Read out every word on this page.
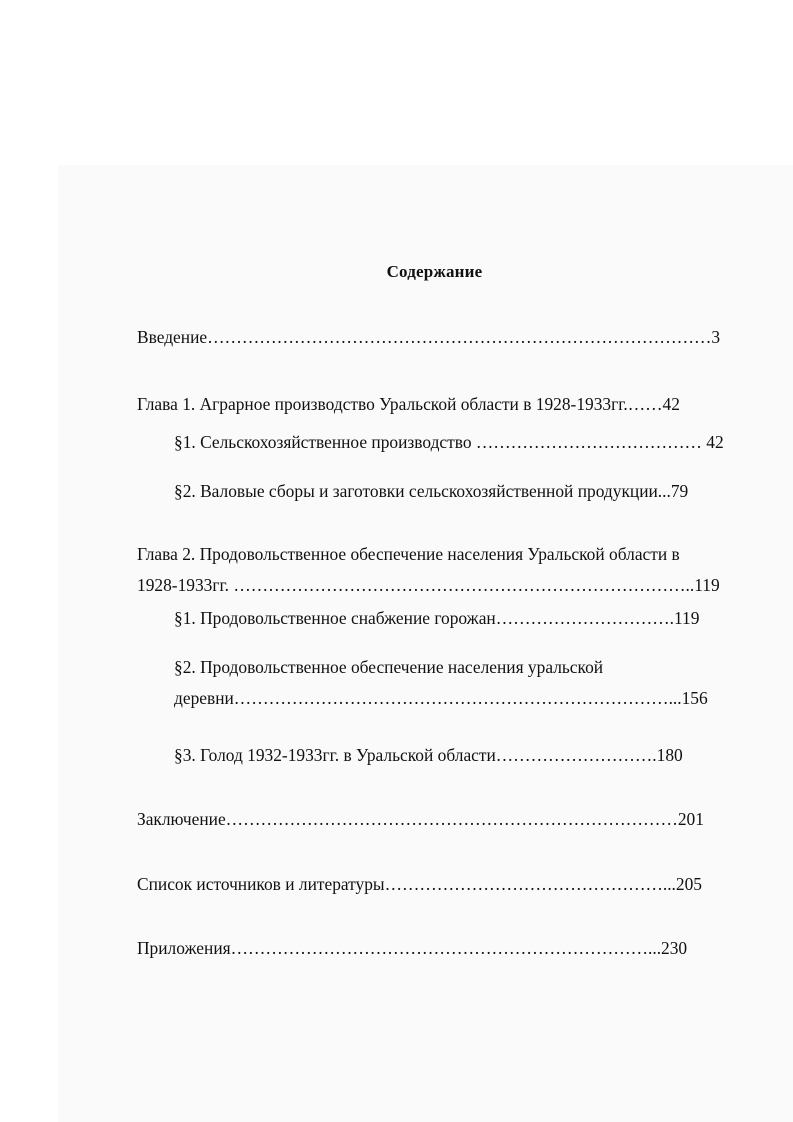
Содержание
Введение……………………………………………………………………………3
Глава 1. Аграрное производство Уральской области в 1928-1933гг.……42
§1. Сельскохозяйственное производство ………………………………… 42
§2. Валовые сборы и заготовки сельскохозяйственной продукции...79
Глава 2. Продовольственное обеспечение населения Уральской области в
1928-1933гг. ……………………………………………………………………..119
§1. Продовольственное снабжение горожан………………………….119
§2. Продовольственное обеспечение населения уральской
деревни…………………………………………………………………...156
§3. Голод 1932-1933гг. в Уральской области……………………….180
Заключение……………………………………………………………………201
Список источников и литературы…………………………………………...205
Приложения………………………………………………………………...230
